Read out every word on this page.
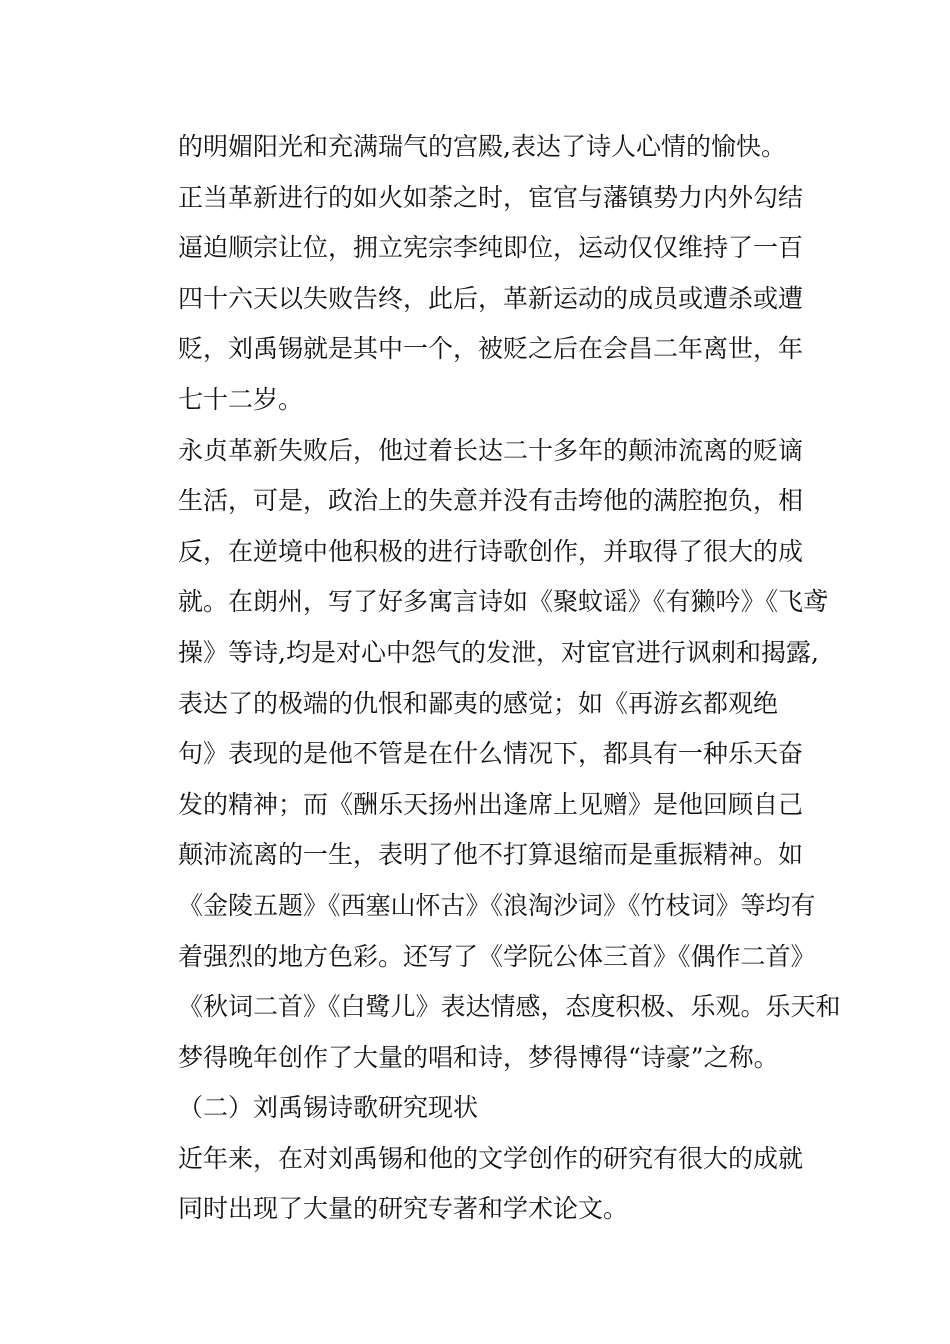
的明媚阳光和充满瑞气的宫殿,表达了诗人心情的愉快。
正当革新进行的如火如荼之时，宦官与藩镇势力内外勾结
逼迫顺宗让位，拥立宪宗李纯即位，运动仅仅维持了一百
四十六天以失败告终，此后，革新运动的成员或遭杀或遭
贬，刘禹锡就是其中一个，被贬之后在会昌二年离世，年
七十二岁。
永贞革新失败后，他过着长达二十多年的颠沛流离的贬谪
生活，可是，政治上的失意并没有击垮他的满腔抱负，相
反，在逆境中他积极的进行诗歌创作，并取得了很大的成
就。在朗州，写了好多寓言诗如《聚蚊谣》《有獭吟》《飞鸢
操》等诗,均是对心中怨气的发泄，对宦官进行讽刺和揭露,
表达了的极端的仇恨和鄙夷的感觉；如《再游玄都观绝
句》表现的是他不管是在什么情况下，都具有一种乐天奋
发的精神；而《酬乐天扬州出逢席上见赠》是他回顾自己
颠沛流离的一生，表明了他不打算退缩而是重振精神。如
《金陵五题》《西塞山怀古》《浪淘沙词》《竹枝词》等均有
着强烈的地方色彩。还写了《学阮公体三首》《偶作二首》
《秋词二首》《白鹭儿》表达情感，态度积极、乐观。乐天和
梦得晚年创作了大量的唱和诗，梦得博得“诗豪”之称。
（二）刘禹锡诗歌研究现状
近年来，在对刘禹锡和他的文学创作的研究有很大的成就
同时出现了大量的研究专著和学术论文。
